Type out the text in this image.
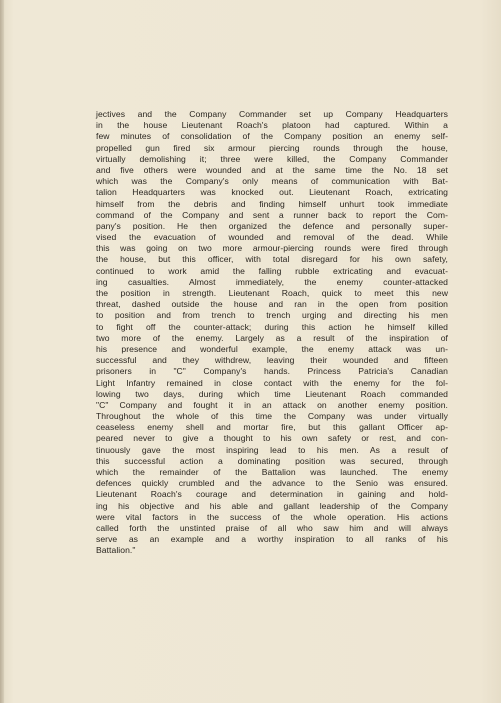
jectives and the Company Commander set up Company Headquarters
in the house Lieutenant Roach's platoon had captured. Within a
few minutes of consolidation of the Company position an enemy self-
propelled gun fired six armour piercing rounds through the house,
virtually demolishing it; three were killed, the Company Commander
and five others were wounded and at the same time the No. 18 set
which was the Company's only means of communication with Bat-
talion Headquarters was knocked out. Lieutenant Roach, extricating
himself from the debris and finding himself unhurt took immediate
command of the Company and sent a runner back to report the Com-
pany's position. He then organized the defence and personally super-
vised the evacuation of wounded and removal of the dead. While
this was going on two more armour-piercing rounds were fired through
the house, but this officer, with total disregard for his own safety,
continued to work amid the falling rubble extricating and evacuat-
ing casualties. Almost immediately, the enemy counter-attacked
the position in strength. Lieutenant Roach, quick to meet this new
threat, dashed outside the house and ran in the open from position
to position and from trench to trench urging and directing his men
to fight off the counter-attack; during this action he himself killed
two more of the enemy. Largely as a result of the inspiration of
his presence and wonderful example, the enemy attack was un-
successful and they withdrew, leaving their wounded and fifteen
prisoners in "C" Company's hands. Princess Patricia's Canadian
Light Infantry remained in close contact with the enemy for the fol-
lowing two days, during which time Lieutenant Roach commanded
"C" Company and fought it in an attack on another enemy position.
Throughout the whole of this time the Company was under virtually
ceaseless enemy shell and mortar fire, but this gallant Officer ap-
peared never to give a thought to his own safety or rest, and con-
tinuously gave the most inspiring lead to his men. As a result of
this successful action a dominating position was secured, through
which the remainder of the Battalion was launched. The enemy
defences quickly crumbled and the advance to the Senio was ensured.
Lieutenant Roach's courage and determination in gaining and hold-
ing his objective and his able and gallant leadership of the Company
were vital factors in the success of the whole operation. His actions
called forth the unstinted praise of all who saw him and will always
serve as an example and a worthy inspiration to all ranks of his
Battalion."
